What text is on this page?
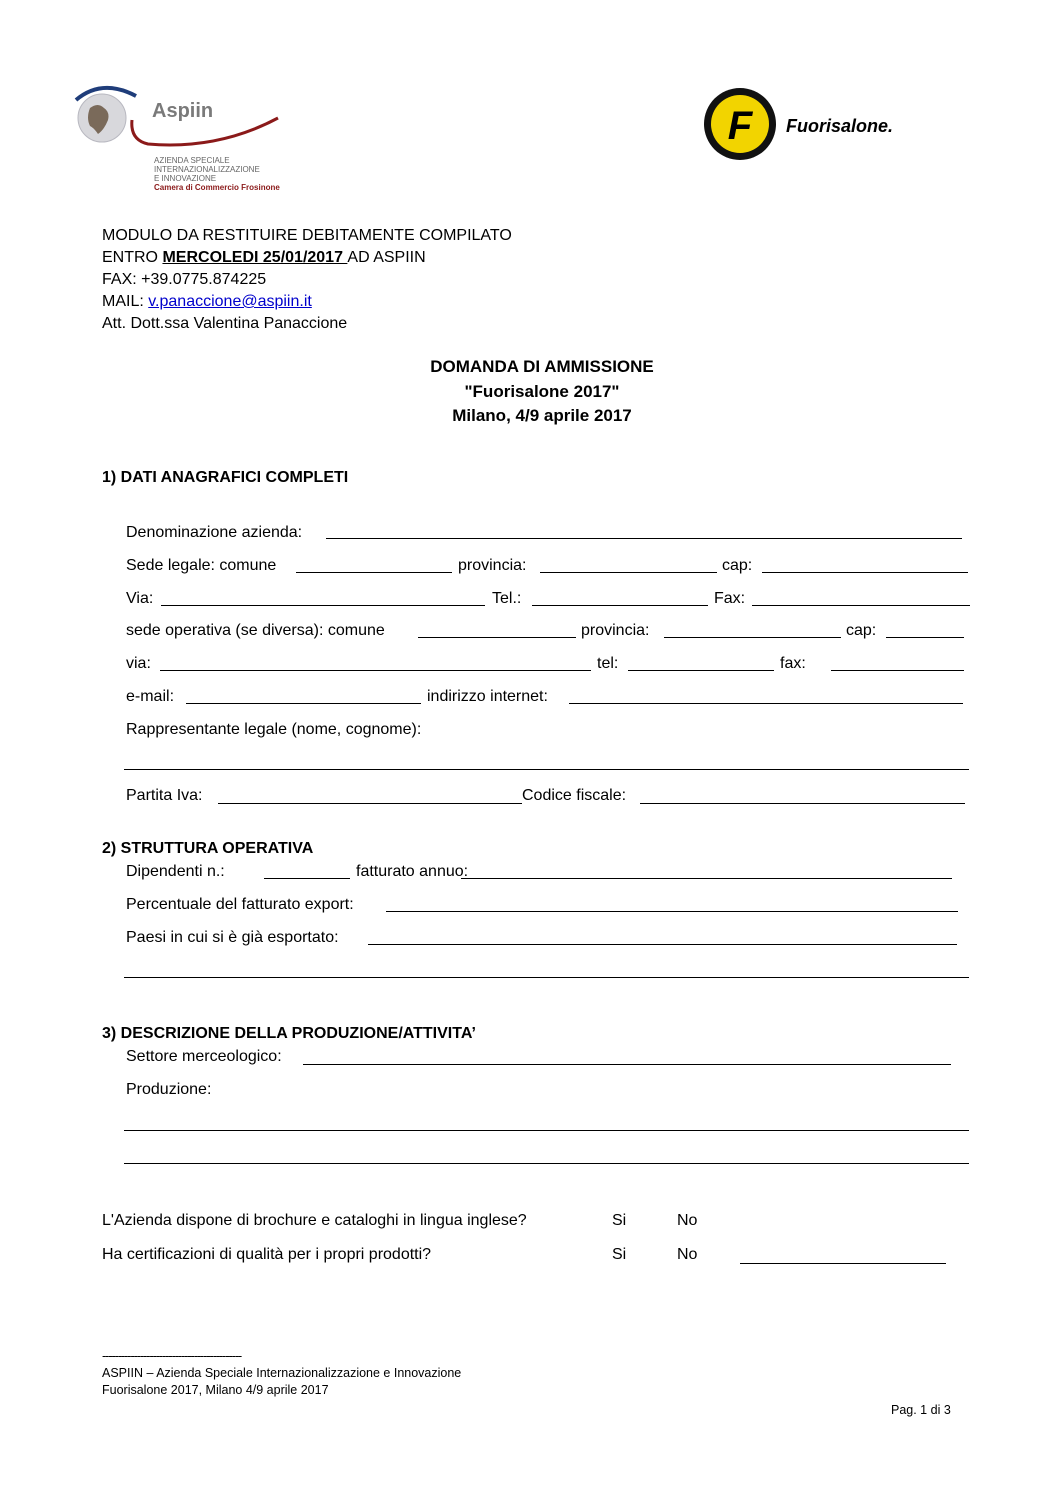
Aspiin
AZIENDA SPECIALE
INTERNAZIONALIZZAZIONE
E INNOVAZIONE
Camera di Commercio Frosinone
F Fuorisalone.
MODULO DA RESTITUIRE DEBITAMENTE COMPILATO
ENTRO MERCOLEDI 25/01/2017 AD ASPIIN
FAX: +39.0775.874225
MAIL: v.panaccione@aspiin.it
Att. Dott.ssa Valentina Panaccione
DOMANDA DI AMMISSIONE
"Fuorisalone 2017"
Milano, 4/9 aprile 2017
1) DATI ANAGRAFICI COMPLETI
Denominazione azienda:
Sede legale: comune	provincia:	cap:
Via:	Tel.:	Fax:
sede operativa (se diversa): comune	provincia:	cap:
via:	tel:	fax:
e-mail:	indirizzo internet:
Rappresentante legale (nome, cognome):
Partita Iva:	Codice fiscale:
2) STRUTTURA OPERATIVA
Dipendenti n.:	fatturato annuo:
Percentuale del fatturato export:
Paesi in cui si è già esportato:
3) DESCRIZIONE DELLA PRODUZIONE/ATTIVITA’
Settore merceologico:
Produzione:
L'Azienda dispone di brochure e cataloghi in lingua inglese?	Si	No
Ha certificazioni di qualità per i propri prodotti?	Si	No
--------------------------------------------
ASPIIN – Azienda Speciale Internazionalizzazione e Innovazione
Fuorisalone 2017, Milano 4/9 aprile 2017
Pag. 1 di 3
